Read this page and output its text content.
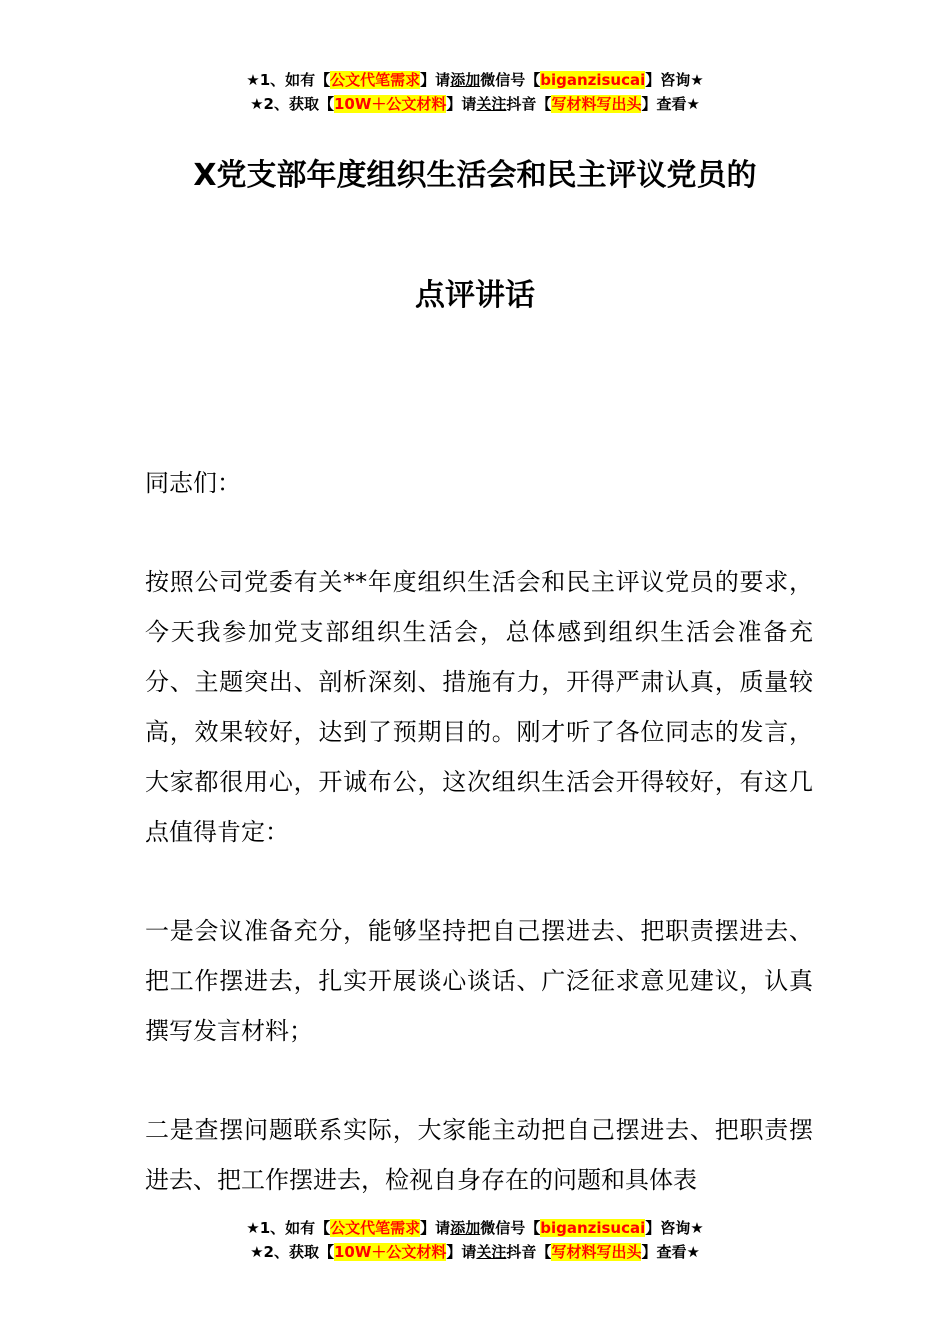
★1、如有【公文代笔需求】请添加微信号【biganzisucai】咨询★
★2、获取【10W＋公文材料】请关注抖音【写材料写出头】查看★
X党支部年度组织生活会和民主评议党员的
点评讲话
同志们：
按照公司党委有关**年度组织生活会和民主评议党员的要求，今天我参加党支部组织生活会，总体感到组织生活会准备充分、主题突出、剖析深刻、措施有力，开得严肃认真，质量较高，效果较好，达到了预期目的。刚才听了各位同志的发言，大家都很用心，开诚布公，这次组织生活会开得较好，有这几点值得肯定：
一是会议准备充分，能够坚持把自己摆进去、把职责摆进去、把工作摆进去，扎实开展谈心谈话、广泛征求意见建议，认真撰写发言材料；
二是查摆问题联系实际，大家能主动把自己摆进去、把职责摆进去、把工作摆进去，检视自身存在的问题和具体表
★1、如有【公文代笔需求】请添加微信号【biganzisucai】咨询★
★2、获取【10W＋公文材料】请关注抖音【写材料写出头】查看★
